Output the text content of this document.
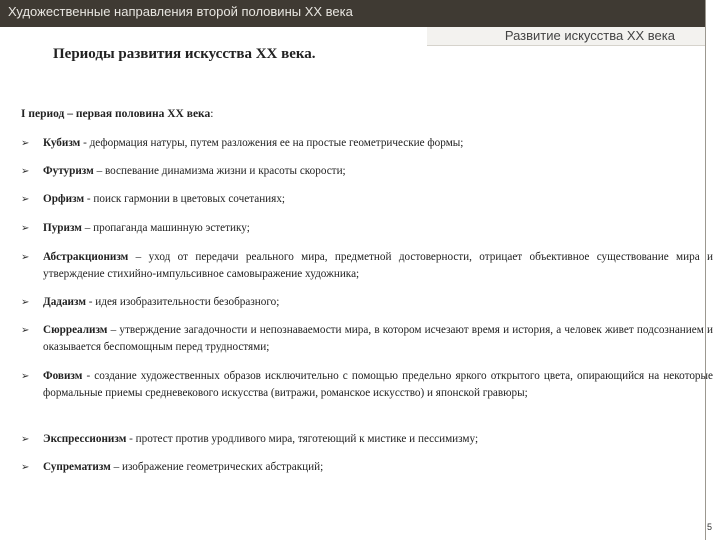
Художественные направления второй половины XX века
Развитие искусства XX века
Периоды развития искусства XX века.
I период – первая половина XX века:
➢ Кубизм - деформация натуры, путем разложения ее на простые геометрические формы;
➢ Футуризм – воспевание динамизма жизни и красоты скорости;
➢ Орфизм - поиск гармонии в цветовых сочетаниях;
➢ Пуризм – пропаганда машинную эстетику;
➢ Абстракционизм – уход от передачи реального мира, предметной достоверности, отрицает объективное существование мира и утверждение стихийно-импульсивное самовыражение художника;
➢ Дадаизм - идея изобразительности безобразного;
➢ Сюрреализм – утверждение загадочности и непознаваемости мира, в котором исчезают время и история, а человек живет подсознанием и оказывается беспомощным перед трудностями;
➢ Фовизм - создание художественных образов исключительно с помощью предельно яркого открытого цвета, опирающийся на некоторые формальные приемы средневекового искусства (витражи, романское искусство) и японской гравюры;
➢ Экспрессионизм - протест против уродливого мира, тяготеющий к мистике и пессимизму;
➢ Супрематизм – изображение геометрических абстракций;
5
